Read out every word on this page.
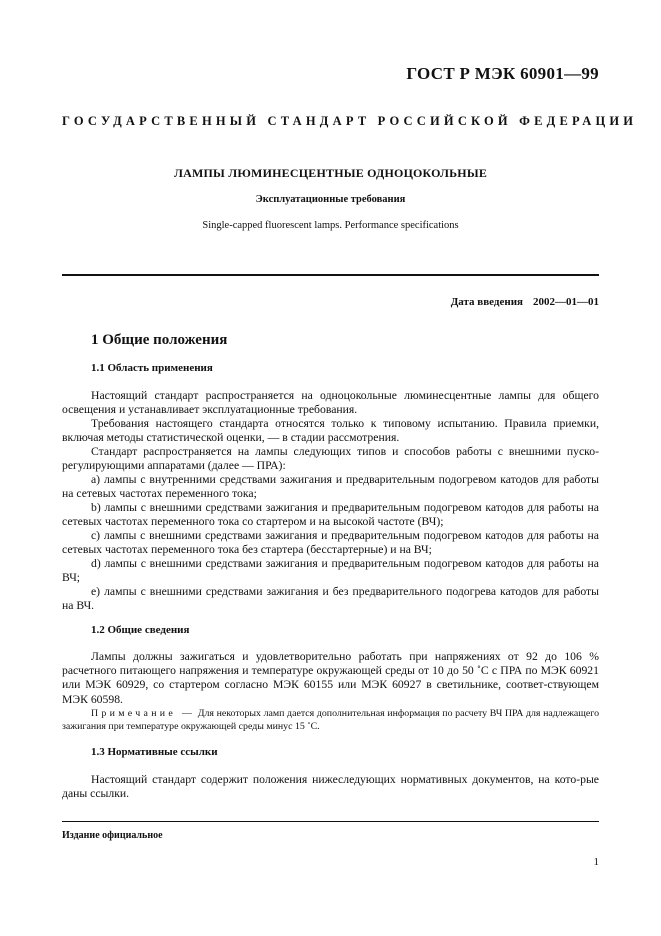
ГОСТ Р МЭК 60901—99
ГОСУДАРСТВЕННЫЙ СТАНДАРТ РОССИЙСКОЙ ФЕДЕРАЦИИ
ЛАМПЫ ЛЮМИНЕСЦЕНТНЫЕ ОДНОЦОКОЛЬНЫЕ
Эксплуатационные требования
Single-capped fluorescent lamps. Performance specifications
Дата введения 2002—01—01
1 Общие положения
1.1 Область применения

Настоящий стандарт распространяется на одноцокольные люминесцентные лампы для общего освещения и устанавливает эксплуатационные требования.

Требования настоящего стандарта относятся только к типовому испытанию. Правила приемки, включая методы статистической оценки, — в стадии рассмотрения.

Стандарт распространяется на лампы следующих типов и способов работы с внешними пуско-регулирующими аппаратами (далее — ПРА):

а) лампы с внутренними средствами зажигания и предварительным подогревом катодов для работы на сетевых частотах переменного тока;

b) лампы с внешними средствами зажигания и предварительным подогревом катодов для работы на сетевых частотах переменного тока со стартером и на высокой частоте (ВЧ);

с) лампы с внешними средствами зажигания и предварительным подогревом катодов для работы на сетевых частотах переменного тока без стартера (бесстартерные) и на ВЧ;

d) лампы с внешними средствами зажигания и предварительным подогревом катодов для работы на ВЧ;

е) лампы с внешними средствами зажигания и без предварительного подогрева катодов для работы на ВЧ.

1.2 Общие сведения

Лампы должны зажигаться и удовлетворительно работать при напряжениях от 92 до 106 % расчетного питающего напряжения и температуре окружающей среды от 10 до 50 ˚С с ПРА по МЭК 60921 или МЭК 60929, со стартером согласно МЭК 60155 или МЭК 60927 в светильнике, соответ-ствующем МЭК 60598.

Примечание — Для некоторых ламп дается дополнительная информация по расчету ВЧ ПРА для надлежащего зажигания при температуре окружающей среды минус 15 ˚С.
1.3 Нормативные ссылки

Настоящий стандарт содержит положения нижеследующих нормативных документов, на кото-рые даны ссылки.

Издание официальное
1
